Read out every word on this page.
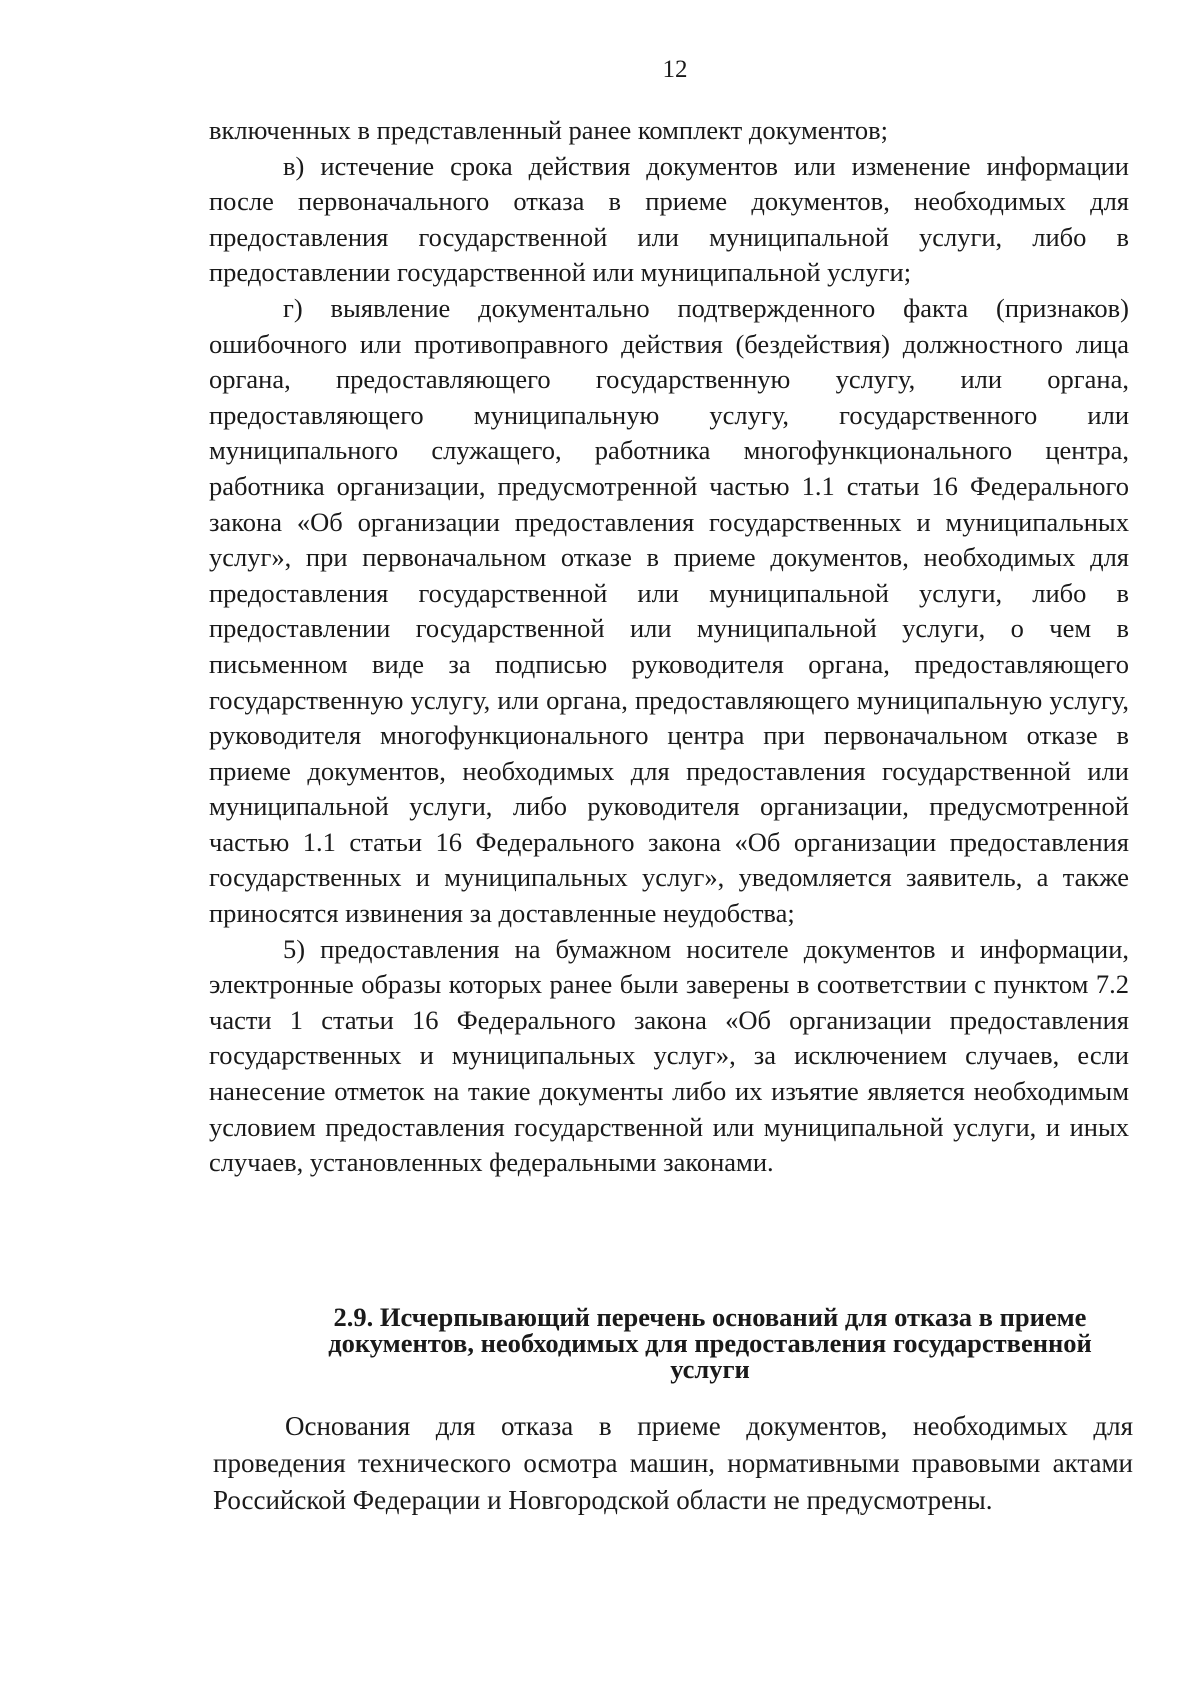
12

включенных в представленный ранее комплект документов;

в) истечение срока действия документов или изменение информации после первоначального отказа в приеме документов, необходимых для предоставления государственной или муниципальной услуги, либо в предоставлении государственной или муниципальной услуги;

г) выявление документально подтвержденного факта (признаков) ошибочного или противоправного действия (бездействия) должностного лица органа, предоставляющего государственную услугу, или органа, предоставляющего муниципальную услугу, государственного или муниципального служащего, работника многофункционального центра, работника организации, предусмотренной частью 1.1 статьи 16 Федерального закона «Об организации предоставления государственных и муниципальных услуг», при первоначальном отказе в приеме документов, необходимых для предоставления государственной или муниципальной услуги, либо в предоставлении государственной или муниципальной услуги, о чем в письменном виде за подписью руководителя органа, предоставляющего государственную услугу, или органа, предоставляющего муниципальную услугу, руководителя многофункционального центра при первоначальном отказе в приеме документов, необходимых для предоставления государственной или муниципальной услуги, либо руководителя организации, предусмотренной частью 1.1 статьи 16 Федерального закона «Об организации предоставления государственных и муниципальных услуг», уведомляется заявитель, а также приносятся извинения за доставленные неудобства;

5) предоставления на бумажном носителе документов и информации, электронные образы которых ранее были заверены в соответствии с пунктом 7.2 части 1 статьи 16 Федерального закона «Об организации предоставления государственных и муниципальных услуг», за исключением случаев, если нанесение отметок на такие документы либо их изъятие является необходимым условием предоставления государственной или муниципальной услуги, и иных случаев, установленных федеральными законами.

2.9. Исчерпывающий перечень оснований для отказа в приеме
документов, необходимых для предоставления государственной
услуги

Основания для отказа в приеме документов, необходимых для проведения технического осмотра машин, нормативными правовыми актами Российской Федерации и Новгородской области не предусмотрены.
